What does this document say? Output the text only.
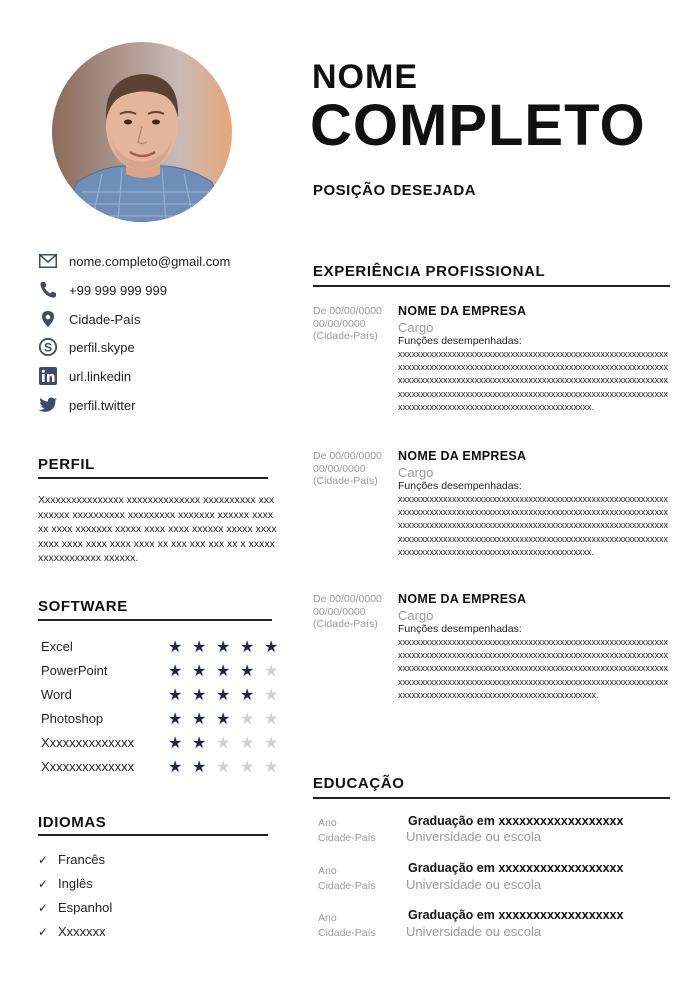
NOME
COMPLETO
POSIÇÃO DESEJADA
nome.completo@gmail.com
+99 999 999 999
Cidade-País
S perfil.skype
url.linkedin
perfil.twitter
PERFIL
Xxxxxxxxxxxxxxxx xxxxxxxxxxxxxx xxxxxxxxxx xxxxxxxxx xxxxxxxxxx xxxxxxxxx xxxxxxx xxxxxx xxxxxx xxxx xxxxxxx xxxxx xxxx xxxx xxxxxx xxxxx xxxx xxxx xxxx xxxx xxxx xxxx xx xxx xxx xxx xx x xxxxxxxxxxxxxxxxx xxxxxx.
SOFTWARE
Excel	★ ★ ★ ★ ★
PowerPoint	★ ★ ★ ★ ★
Word	★ ★ ★ ★ ★
Photoshop	★ ★ ★ ★ ★
Xxxxxxxxxxxxxx ★ ★ ★ ★ ★
Xxxxxxxxxxxxxx ★ ★ ★ ★ ★
IDIOMAS
✓ Francês
✓ Inglês
✓ Espanhol
✓ Xxxxxxx
EXPERIÊNCIA PROFISSIONAL
De 00/00/0000
00/00/0000
(Cidade-País)
NOME DA EMPRESA
Cargo
Funções desempenhadas:
xxxxxxxxxxxxxxxxxxxxxxxxxxxxxxxxxxxxxxxxxxxxxxxxxxxxxxxxxxxxxxxxxxxxxxxxxxxxxxxxxxxxxxxxxxxxxxxxxxxxxxxxxxxxxxxxxxxxxxxxxxxxxxxxxxxxxxxxxxxxxxxxxxxxxxxxxxxxxxxxxxxxxxxxxxxxxxxxxxxxxxxxxxxxxxxxxxxxxxxxxxxxxxxxxxxxxxxxxxxxxxxxxxxxxxxxxxxxxxxxxxxxxxxxxxxxxxxxxxxxxxxxxxxxxxxxxxxxxxxxxxx.
De 00/00/0000
00/00/0000
(Cidade-País)
NOME DA EMPRESA
Cargo
Funções desempenhadas:
xxxxxxxxxxxxxxxxxxxxxxxxxxxxxxxxxxxxxxxxxxxxxxxxxxxxxxxxxxxxxxxxxxxxxxxxxxxxxxxxxxxxxxxxxxxxxxxxxxxxxxxxxxxxxxxxxxxxxxxxxxxxxxxxxxxxxxxxxxxxxxxxxxxxxxxxxxxxxxxxxxxxxxxxxxxxxxxxxxxxxxxxxxxxxxxxxxxxxxxxxxxxxxxxxxxxxxxxxxxxxxxxxxxxxxxxxxxxxxxxxxxxxxxxxxxxxxxxxxxxxxxxxxxxxxxxxxxxxxxxxxx.
De 00/00/0000
00/00/0000
(Cidade-País)
NOME DA EMPRESA
Cargo
Funções desempenhadas:
xxxxxxxxxxxxxxxxxxxxxxxxxxxxxxxxxxxxxxxxxxxxxxxxxxxxxxxxxxxxxxxxxxxxxxxxxxxxxxxxxxxxxxxxxxxxxxxxxxxxxxxxxxxxxxxxxxxxxxxxxxxxxxxxxxxxxxxxxxxxxxxxxxxxxxxxxxxxxxxxxxxxxxxxxxxxxxxxxxxxxxxxxxxxxxxxxxxxxxxxxxxxxxxxxxxxxxxxxxxxxxxxxxxxxxxxxxxxxxxxxxxxxxxxxxxxxxxxxxxxxxxxxxxxxxxxxxxxxxxxxxxx.
EDUCAÇÃO
Ano
Cidade-País
Graduação em xxxxxxxxxxxxxxxxxx
Universidade ou escola
Ano
Cidade-País
Graduação em xxxxxxxxxxxxxxxxxx
Universidade ou escola
Ano
Cidade-País
Graduação em xxxxxxxxxxxxxxxxxx
Universidade ou escola
